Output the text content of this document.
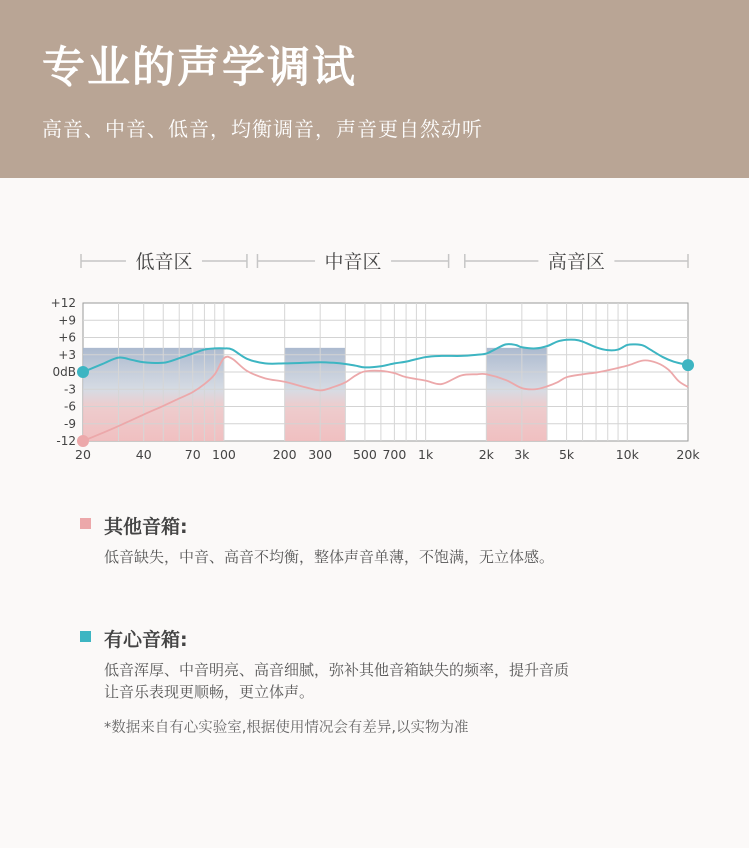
专业的声学调试
高音、中音、低音，均衡调音，声音更自然动听
低音区	中音区	高音区
+12
+9
+6
+3
0dB
-3
-6
-9
-12
20	40	70 100	200 300 500 700 1k	2k 3k 5k	10k	20k
其他音箱:
低音缺失，中音、高音不均衡，整体声音单薄，不饱满，无立体感。
有心音箱:
低音浑厚、中音明亮、高音细腻，弥补其他音箱缺失的频率，提升音质
让音乐表现更顺畅，更立体声。
*数据来自有心实验室,根据使用情况会有差异,以实物为准
